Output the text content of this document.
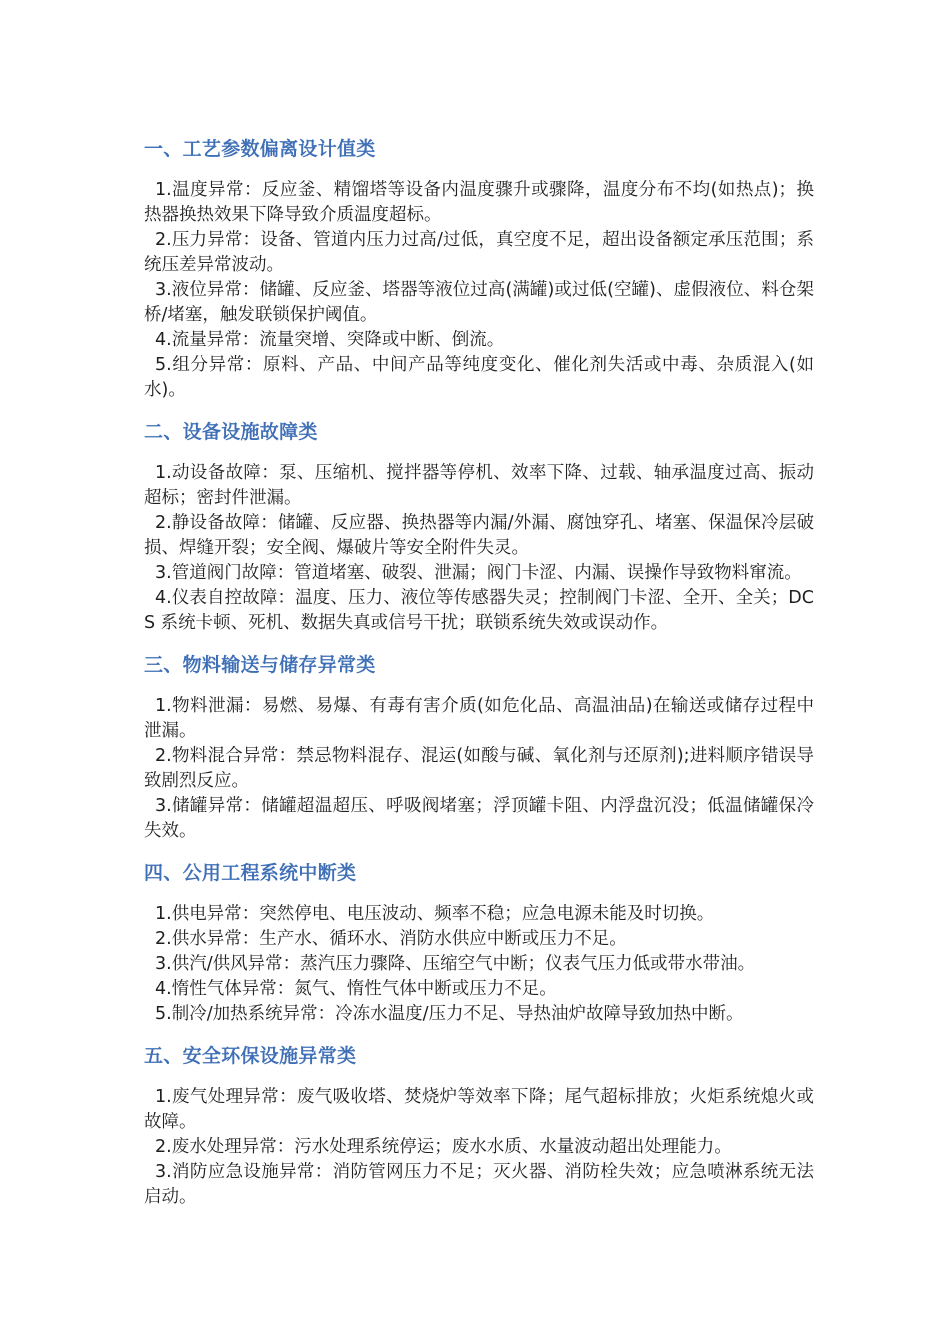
一、工艺参数偏离设计值类

1.温度异常：反应釜、精馏塔等设备内温度骤升或骤降，温度分布不均(如热点)；换热器换热效果下降导致介质温度超标。

2.压力异常：设备、管道内压力过高/过低，真空度不足，超出设备额定承压范围；系统压差异常波动。

3.液位异常：储罐、反应釜、塔器等液位过高(满罐)或过低(空罐)、虚假液位、料仓架桥/堵塞，触发联锁保护阈值。

4.流量异常：流量突增、突降或中断、倒流。

5.组分异常：原料、产品、中间产品等纯度变化、催化剂失活或中毒、杂质混入(如水)。

二、设备设施故障类

1.动设备故障：泵、压缩机、搅拌器等停机、效率下降、过载、轴承温度过高、振动超标；密封件泄漏。

2.静设备故障：储罐、反应器、换热器等内漏/外漏、腐蚀穿孔、堵塞、保温保冷层破损、焊缝开裂；安全阀、爆破片等安全附件失灵。

3.管道阀门故障：管道堵塞、破裂、泄漏；阀门卡涩、内漏、误操作导致物料窜流。

4.仪表自控故障：温度、压力、液位等传感器失灵；控制阀门卡涩、全开、全关；DCS 系统卡顿、死机、数据失真或信号干扰；联锁系统失效或误动作。

三、物料输送与储存异常类

1.物料泄漏：易燃、易爆、有毒有害介质(如危化品、高温油品)在输送或储存过程中泄漏。

2.物料混合异常：禁忌物料混存、混运(如酸与碱、氧化剂与还原剂);进料顺序错误导致剧烈反应。

3.储罐异常：储罐超温超压、呼吸阀堵塞；浮顶罐卡阻、内浮盘沉没；低温储罐保冷失效。

四、公用工程系统中断类

1.供电异常：突然停电、电压波动、频率不稳；应急电源未能及时切换。

2.供水异常：生产水、循环水、消防水供应中断或压力不足。

3.供汽/供风异常：蒸汽压力骤降、压缩空气中断；仪表气压力低或带水带油。

4.惰性气体异常：氮气、惰性气体中断或压力不足。

5.制冷/加热系统异常：冷冻水温度/压力不足、导热油炉故障导致加热中断。

五、安全环保设施异常类

1.废气处理异常：废气吸收塔、焚烧炉等效率下降；尾气超标排放；火炬系统熄火或故障。

2.废水处理异常：污水处理系统停运；废水水质、水量波动超出处理能力。

3.消防应急设施异常：消防管网压力不足；灭火器、消防栓失效；应急喷淋系统无法启动。
